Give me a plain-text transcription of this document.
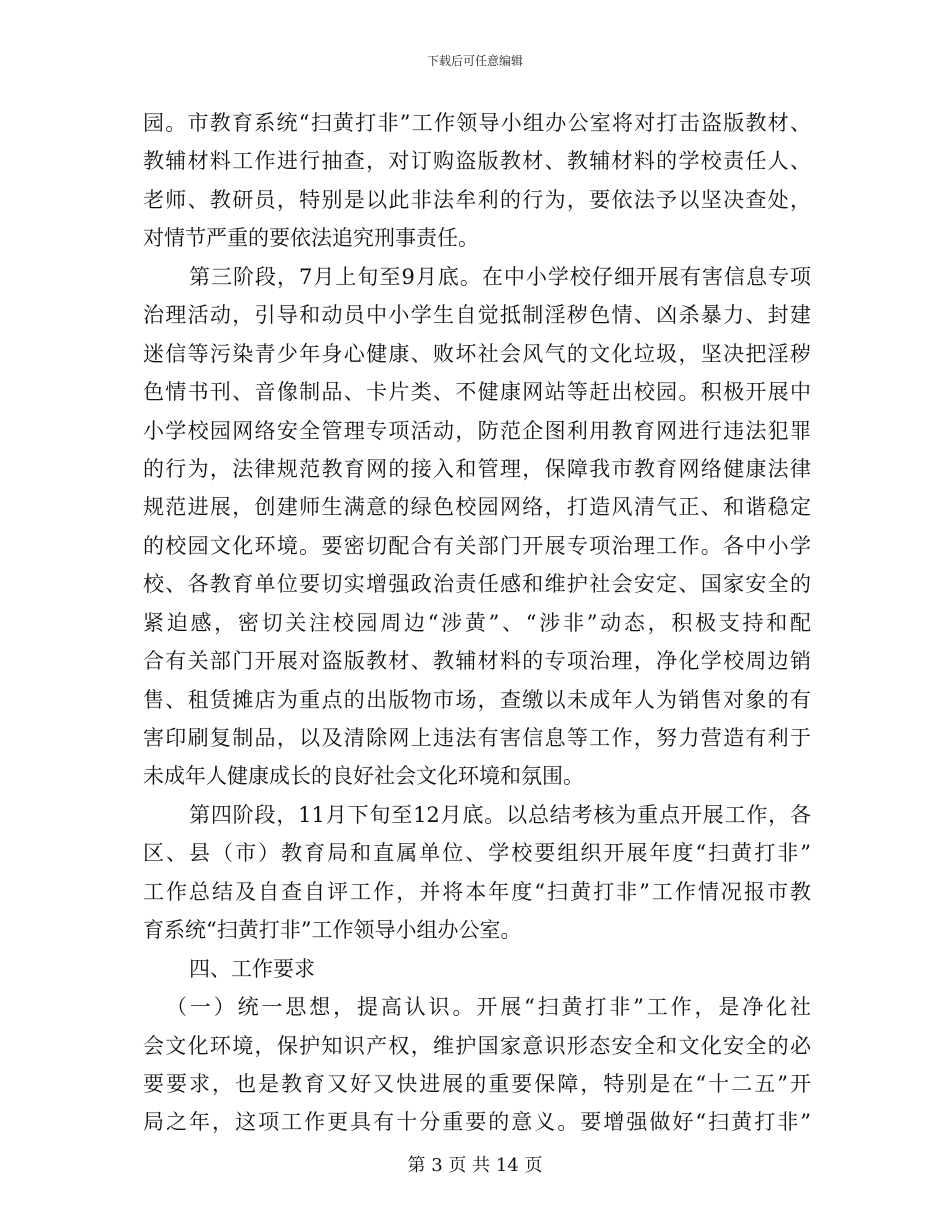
下载后可任意编辑
园。市教育系统“扫黄打非”工作领导小组办公室将对打击盗版教材、
教辅材料工作进行抽查，对订购盗版教材、教辅材料的学校责任人、
老师、教研员，特别是以此非法牟利的行为，要依法予以坚决查处，
对情节严重的要依法追究刑事责任。
第三阶段，7月上旬至9月底。在中小学校仔细开展有害信息专项
治理活动，引导和动员中小学生自觉抵制淫秽色情、凶杀暴力、封建
迷信等污染青少年身心健康、败坏社会风气的文化垃圾，坚决把淫秽
色情书刊、音像制品、卡片类、不健康网站等赶出校园。积极开展中
小学校园网络安全管理专项活动，防范企图利用教育网进行违法犯罪
的行为，法律规范教育网的接入和管理，保障我市教育网络健康法律
规范进展，创建师生满意的绿色校园网络，打造风清气正、和谐稳定
的校园文化环境。要密切配合有关部门开展专项治理工作。各中小学
校、各教育单位要切实增强政治责任感和维护社会安定、国家安全的
紧迫感，密切关注校园周边“涉黄”、“涉非”动态，积极支持和配
合有关部门开展对盗版教材、教辅材料的专项治理，净化学校周边销
售、租赁摊店为重点的出版物市场，查缴以未成年人为销售对象的有
害印刷复制品，以及清除网上违法有害信息等工作，努力营造有利于
未成年人健康成长的良好社会文化环境和氛围。
第四阶段，11月下旬至12月底。以总结考核为重点开展工作，各
区、县（市）教育局和直属单位、学校要组织开展年度“扫黄打非”
工作总结及自查自评工作，并将本年度“扫黄打非”工作情况报市教
育系统“扫黄打非”工作领导小组办公室。
四、工作要求
（一）统一思想，提高认识。开展“扫黄打非”工作，是净化社
会文化环境，保护知识产权，维护国家意识形态安全和文化安全的必
要要求，也是教育又好又快进展的重要保障，特别是在“十二五”开
局之年，这项工作更具有十分重要的意义。要增强做好“扫黄打非”
第 3 页 共 14 页
